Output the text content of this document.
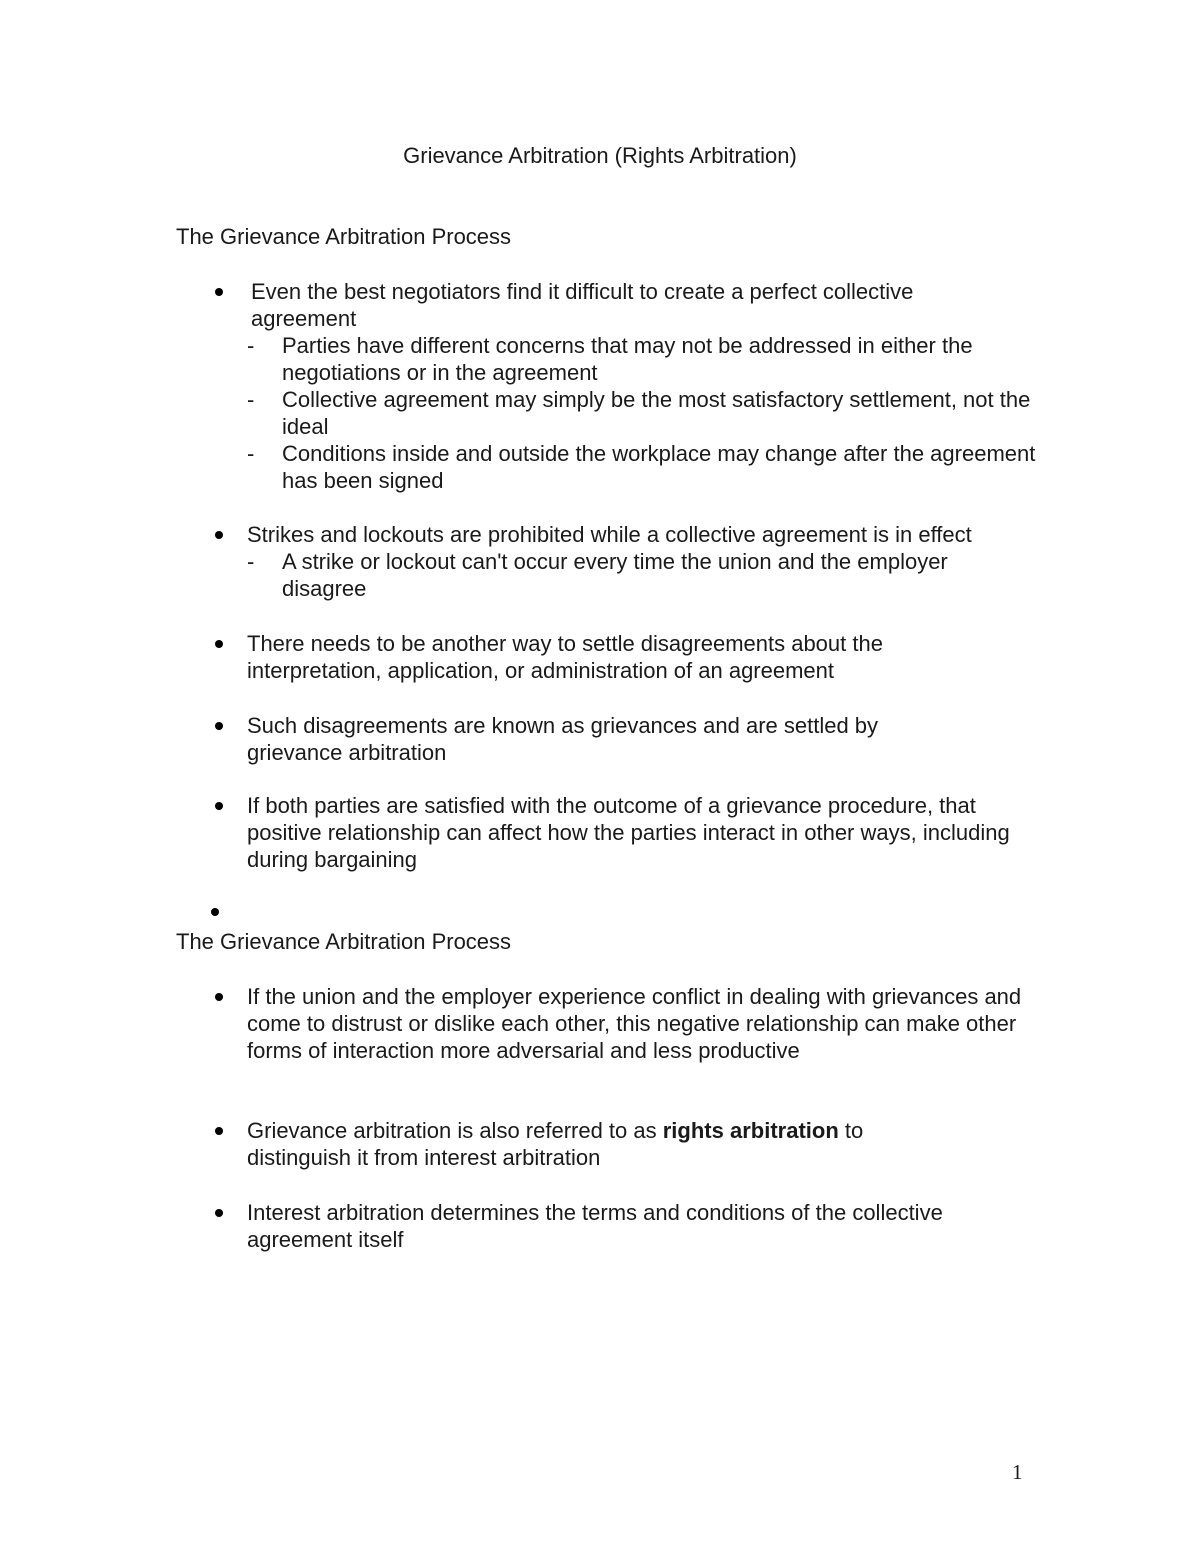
Grievance Arbitration (Rights Arbitration)
The Grievance Arbitration Process
Even the best negotiators find it difficult to create a perfect collective agreement
- Parties have different concerns that may not be addressed in either the negotiations or in the agreement
- Collective agreement may simply be the most satisfactory settlement, not the ideal
- Conditions inside and outside the workplace may change after the agreement has been signed
Strikes and lockouts are prohibited while a collective agreement is in effect
- A strike or lockout can't occur every time the union and the employer disagree
There needs to be another way to settle disagreements about the interpretation, application, or administration of an agreement
Such disagreements are known as grievances and are settled by grievance arbitration
If both parties are satisfied with the outcome of a grievance procedure, that positive relationship can affect how the parties interact in other ways, including during bargaining
The Grievance Arbitration Process
If the union and the employer experience conflict in dealing with grievances and come to distrust or dislike each other, this negative relationship can make other forms of interaction more adversarial and less productive
Grievance arbitration is also referred to as rights arbitration to distinguish it from interest arbitration
Interest arbitration determines the terms and conditions of the collective agreement itself
1
